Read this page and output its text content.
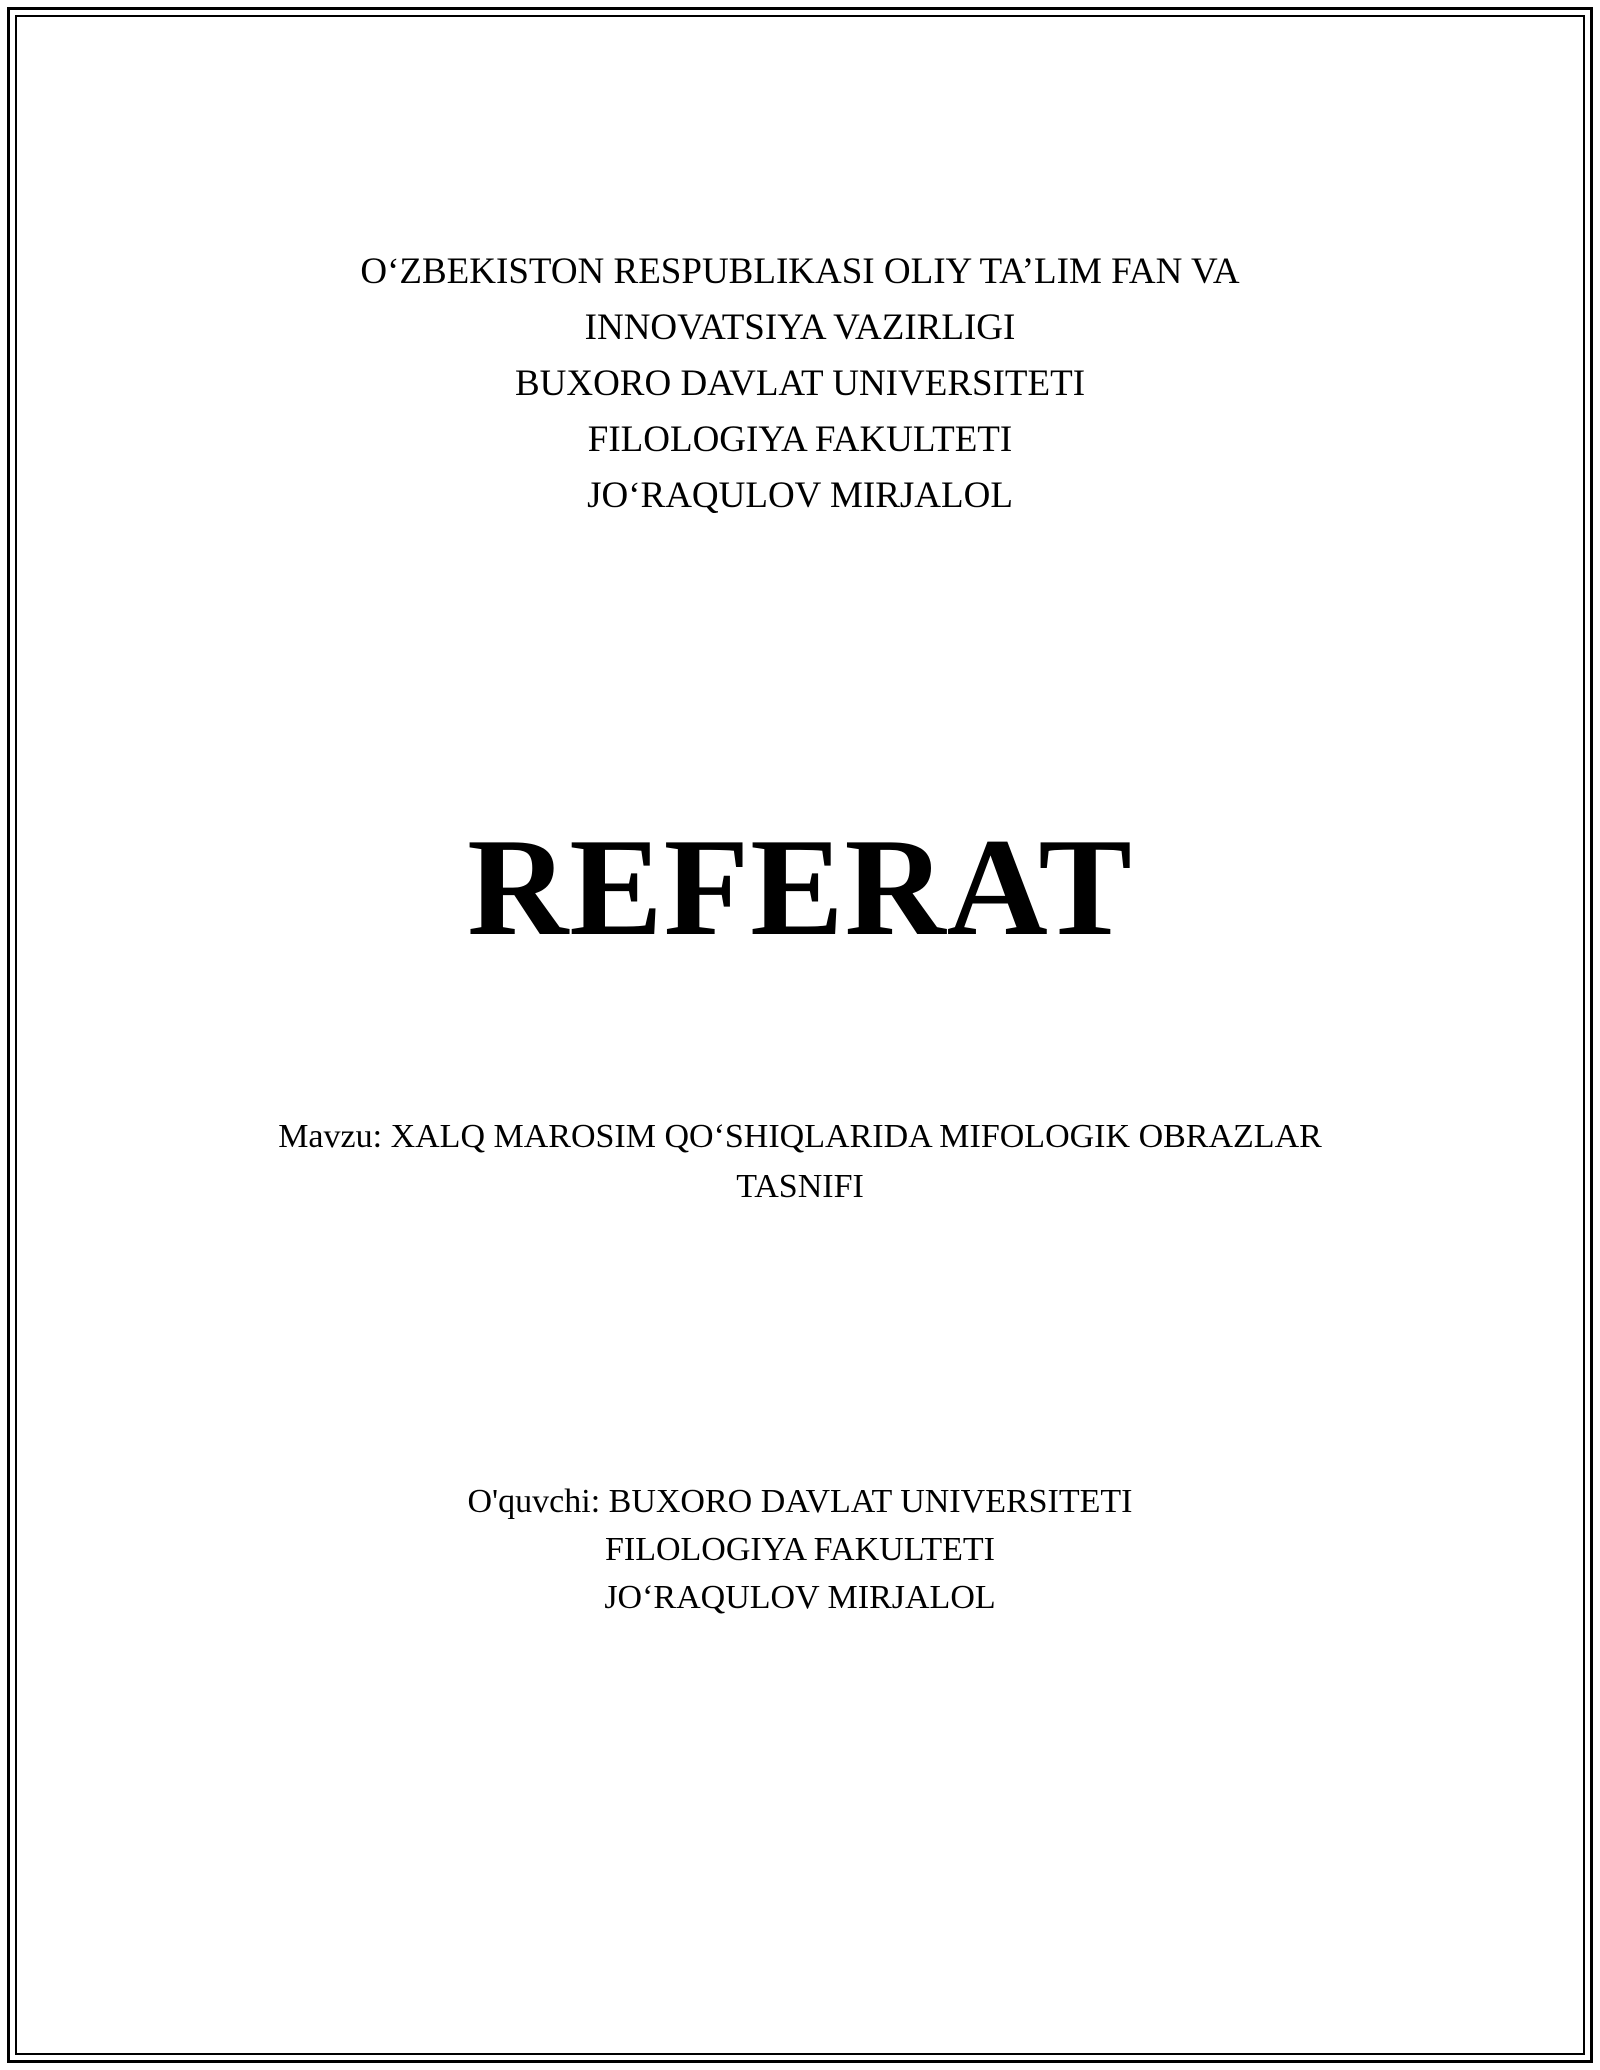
O‘ZBEKISTON RESPUBLIKASI OLIY TA’LIM FAN VA
INNOVATSIYA VAZIRLIGI
BUXORO DAVLAT UNIVERSITETI
FILOLOGIYA FAKULTETI
JO‘RAQULOV MIRJALOL
REFERAT
Mavzu: XALQ MAROSIM QO‘SHIQLARIDA MIFOLOGIK OBRAZLAR
TASNIFI
O'quvchi: BUXORO DAVLAT UNIVERSITETI
FILOLOGIYA FAKULTETI
JO‘RAQULOV MIRJALOL
